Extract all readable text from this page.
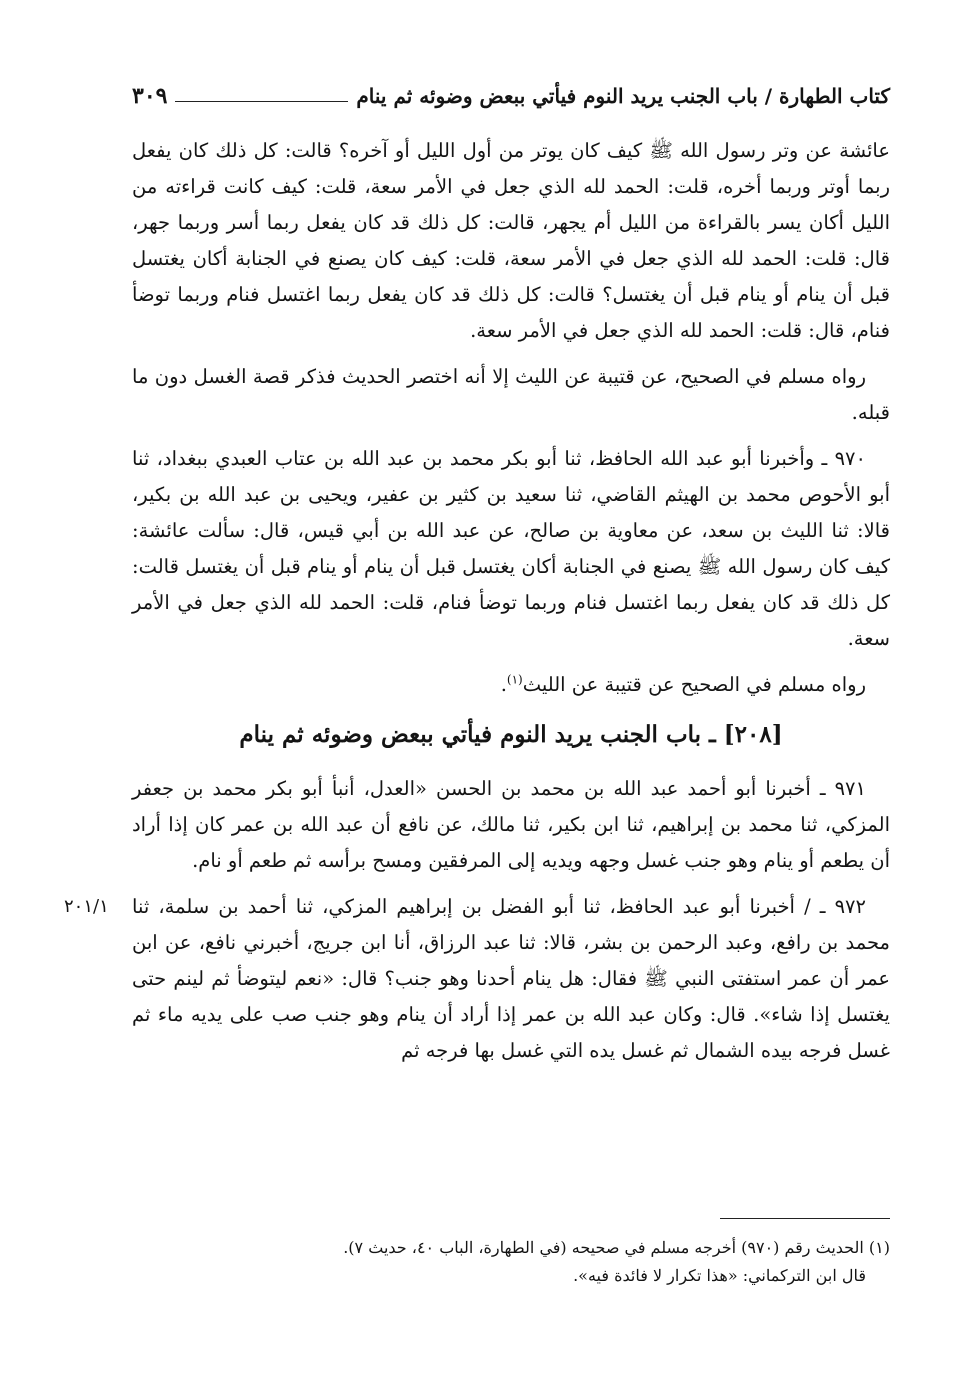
كتاب الطهارة / باب الجنب يريد النوم فيأتي ببعض وضوئه ثم ينام
٣٠٩

عائشة عن وتر رسول الله ﷺ كيف كان يوتر من أول الليل أو آخره؟ قالت: كل ذلك كان يفعل ربما أوتر وربما أخره، قلت: الحمد لله الذي جعل في الأمر سعة، قلت: كيف كانت قراءته من الليل أكان يسر بالقراءة من الليل أم يجهر، قالت: كل ذلك قد كان يفعل ربما أسر وربما جهر، قال: قلت: الحمد لله الذي جعل في الأمر سعة، قلت: كيف كان يصنع في الجنابة أكان يغتسل قبل أن ينام أو ينام قبل أن يغتسل؟ قالت: كل ذلك قد كان يفعل ربما اغتسل فنام وربما توضأ فنام، قال: قلت: الحمد لله الذي جعل في الأمر سعة.

رواه مسلم في الصحيح، عن قتيبة عن الليث إلا أنه اختصر الحديث فذكر قصة الغسل دون ما قبله.

٩٧٠ ـ وأخبرنا أبو عبد الله الحافظ، ثنا أبو بكر محمد بن عبد الله بن عتاب العبدي ببغداد، ثنا أبو الأحوص محمد بن الهيثم القاضي، ثنا سعيد بن كثير بن عفير، ويحيى بن عبد الله بن بكير، قالا: ثنا الليث بن سعد، عن معاوية بن صالح، عن عبد الله بن أبي قيس، قال: سألت عائشة: كيف كان رسول الله ﷺ يصنع في الجنابة أكان يغتسل قبل أن ينام أو ينام قبل أن يغتسل قالت: كل ذلك قد كان يفعل ربما اغتسل فنام وربما توضأ فنام، قلت: الحمد لله الذي جعل في الأمر سعة.

رواه مسلم في الصحيح عن قتيبة عن الليث$^{(١)}$.

[٢٠٨] ـ باب الجنب يريد النوم فيأتي ببعض وضوئه ثم ينام

٩٧١ ـ أخبرنا أبو أحمد عبد الله بن محمد بن الحسن «العدل، أنبأ أبو بكر محمد بن جعفر المزكي، ثنا محمد بن إبراهيم، ثنا ابن بكير، ثنا مالك، عن نافع أن عبد الله بن عمر كان إذا أراد أن يطعم أو ينام وهو جنب غسل وجهه ويديه إلى المرفقين ومسح برأسه ثم طعم أو نام.

٢٠١/١ ٩٧٢ ـ / أخبرنا أبو عبد الحافظ، ثنا أبو الفضل بن إبراهيم المزكي، ثنا أحمد بن سلمة، ثنا محمد بن رافع، وعبد الرحمن بن بشر، قالا: ثنا عبد الرزاق، أنا ابن جريج، أخبرني نافع، عن ابن عمر أن عمر استفتى النبي ﷺ فقال: هل ينام أحدنا وهو جنب؟ قال: «نعم ليتوضأ ثم لينم حتى يغتسل إذا شاء». قال: وكان عبد الله بن عمر إذا أراد أن ينام وهو جنب صب على يديه ماء ثم غسل فرجه بيده الشمال ثم غسل يده التي غسل بها فرجه ثم

(١) الحديث رقم (٩٧٠) أخرجه مسلم في صحيحه (في الطهارة، الباب ٤٠، حديث ٧).

قال ابن التركماني: «هذا تكرار لا فائدة فيه».
